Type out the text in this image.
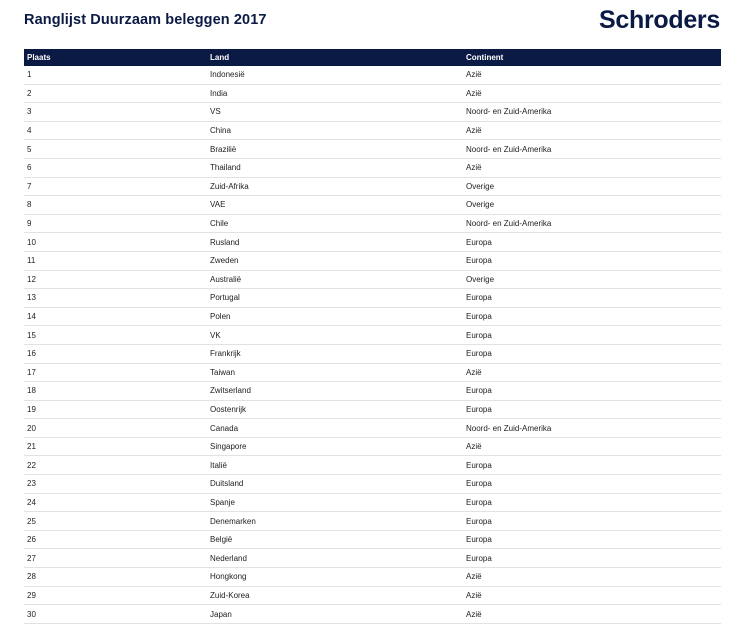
Ranglijst Duurzaam beleggen 2017	Schroders
Plaats	Land	Continent
1	Indonesië	Azië
2	India	Azië
3	VS	Noord- en Zuid-Amerika
4	China	Azië
5	Brazilië	Noord- en Zuid-Amerika
6	Thailand	Azië
7	Zuid-Afrika	Overige
8	VAE	Overige
9	Chile	Noord- en Zuid-Amerika
10	Rusland	Europa
11	Zweden	Europa
12	Australië	Overige
13	Portugal	Europa
14	Polen	Europa
15	VK	Europa
16	Frankrijk	Europa
17	Taiwan	Azië
18	Zwitserland	Europa
19	Oostenrijk	Europa
20	Canada	Noord- en Zuid-Amerika
21	Singapore	Azië
22	Italië	Europa
23	Duitsland	Europa
24	Spanje	Europa
25	Denemarken	Europa
26	België	Europa
27	Nederland	Europa
28	Hongkong	Azië
29	Zuid-Korea	Azië
30	Japan	Azië
